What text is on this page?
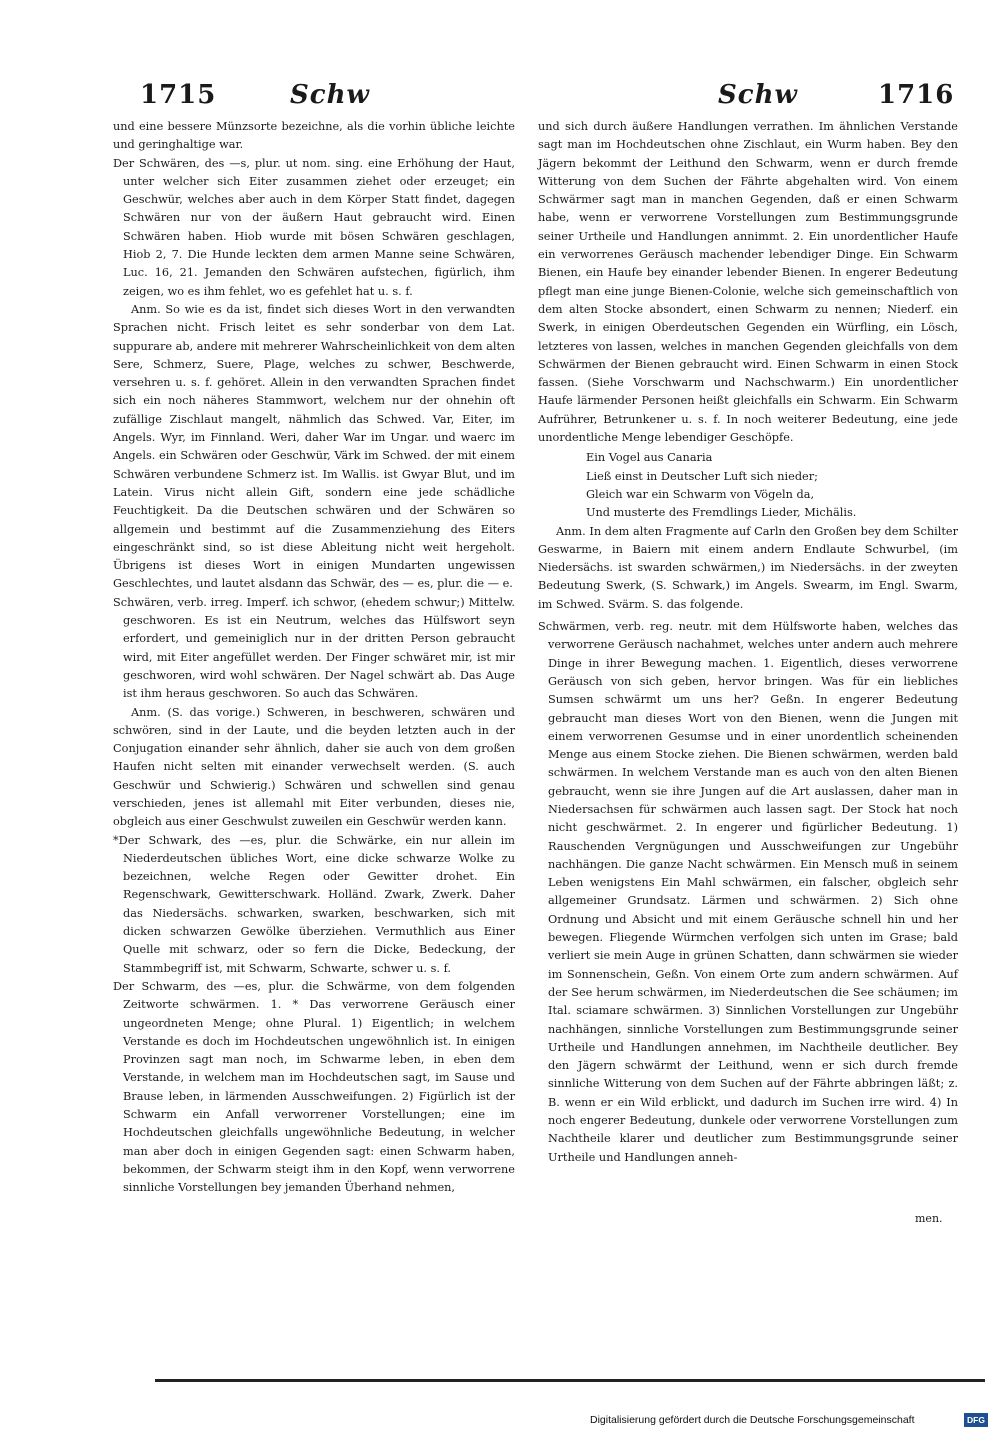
1715	Schw	Schw	1716

und eine bessere Münzsorte bezeichne, als die vorhin übliche leichte und geringhaltige war.

Der Schwären, des —s, plur. ut nom. sing. eine Erhöhung der Haut, unter welcher sich Eiter zusammen ziehet oder erzeuget; ein Geschwür, welches aber auch in dem Körper Statt findet, dagegen Schwären nur von der äußern Haut gebraucht wird. Einen Schwären haben. Hiob wurde mit bösen Schwären geschlagen, Hiob 2, 7. Die Hunde leckten dem armen Manne seine Schwären, Luc. 16, 21. Jemanden den Schwären aufstechen, figürlich, ihm zeigen, wo es ihm fehlet, wo es gefehlet hat u. s. f.

Anm. So wie es da ist, findet sich dieses Wort in den verwandten Sprachen nicht. Frisch leitet es sehr sonderbar von dem Lat. suppurare ab, andere mit mehrerer Wahrscheinlichkeit von dem alten Sere, Schmerz, Suere, Plage, welches zu schwer, Beschwerde, versehren u. s. f. gehöret. Allein in den verwandten Sprachen findet sich ein noch näheres Stammwort, welchem nur der ohnehin oft zufällige Zischlaut mangelt, nähmlich das Schwed. Var, Eiter, im Angels. Wyr, im Finnland. Weri, daher War im Ungar. und waerc im Angels. ein Schwären oder Geschwür, Värk im Schwed. der mit einem Schwären verbundene Schmerz ist. Im Wallis. ist Gwyar Blut, und im Latein. Virus nicht allein Gift, sondern eine jede schädliche Feuchtigkeit. Da die Deutschen schwären und der Schwären so allgemein und bestimmt auf die Zusammenziehung des Eiters eingeschränkt sind, so ist diese Ableitung nicht weit hergeholt. Übrigens ist dieses Wort in einigen Mundarten ungewissen Geschlechtes, und lautet alsdann das Schwär, des — es, plur. die — e.

Schwären, verb. irreg. Imperf. ich schwor, (ehedem schwur;) Mittelw. geschworen. Es ist ein Neutrum, welches das Hülfswort seyn erfordert, und gemeiniglich nur in der dritten Person gebraucht wird, mit Eiter angefüllet werden. Der Finger schwäret mir, ist mir geschworen, wird wohl schwären. Der Nagel schwärt ab. Das Auge ist ihm heraus geschworen. So auch das Schwären.

Anm. (S. das vorige.) Schweren, in beschweren, schwären und schwören, sind in der Laute, und die beyden letzten auch in der Conjugation einander sehr ähnlich, daher sie auch von dem großen Haufen nicht selten mit einander verwechselt werden. (S. auch Geschwür und Schwierig.) Schwären und schwellen sind genau verschieden, jenes ist allemahl mit Eiter verbunden, dieses nie, obgleich aus einer Geschwulst zuweilen ein Geschwür werden kann.

*Der Schwark, des —es, plur. die Schwärke, ein nur allein im Niederdeutschen übliches Wort, eine dicke schwarze Wolke zu bezeichnen, welche Regen oder Gewitter drohet. Ein Regenschwark, Gewitterschwark. Holländ. Zwark, Zwerk. Daher das Niedersächs. schwarken, swarken, beschwarken, sich mit dicken schwarzen Gewölke überziehen. Vermuthlich aus Einer Quelle mit schwarz, oder so fern die Dicke, Bedeckung, der Stammbegriff ist, mit Schwarm, Schwarte, schwer u. s. f.

Der Schwarm, des —es, plur. die Schwärme, von dem folgenden Zeitworte schwärmen. 1. * Das verworrene Geräusch einer ungeordneten Menge; ohne Plural. 1) Eigentlich; in welchem Verstande es doch im Hochdeutschen ungewöhnlich ist. In einigen Provinzen sagt man noch, im Schwarme leben, in eben dem Verstande, in welchem man im Hochdeutschen sagt, im Sause und Brause leben, in lärmenden Ausschweifungen. 2) Figürlich ist der Schwarm ein Anfall verworrener Vorstellungen; eine im Hochdeutschen gleichfalls ungewöhnliche Bedeutung, in welcher man aber doch in einigen Gegenden sagt: einen Schwarm haben, bekommen, der Schwarm steigt ihm in den Kopf, wenn verworrene sinnliche Vorstellungen bey jemanden Überhand nehmen,

und sich durch äußere Handlungen verrathen. Im ähnlichen Verstande sagt man im Hochdeutschen ohne Zischlaut, ein Wurm haben. Bey den Jägern bekommt der Leithund den Schwarm, wenn er durch fremde Witterung von dem Suchen der Fährte abgehalten wird. Von einem Schwärmer sagt man in manchen Gegenden, daß er einen Schwarm habe, wenn er verworrene Vorstellungen zum Bestimmungsgrunde seiner Urtheile und Handlungen annimmt. 2. Ein unordentlicher Haufe ein verworrenes Geräusch machender lebendiger Dinge. Ein Schwarm Bienen, ein Haufe bey einander lebender Bienen. In engerer Bedeutung pflegt man eine junge Bienen-Colonie, welche sich gemeinschaftlich von dem alten Stocke absondert, einen Schwarm zu nennen; Niederf. ein Swerk, in einigen Oberdeutschen Gegenden ein Würfling, ein Lösch, letzteres von lassen, welches in manchen Gegenden gleichfalls von dem Schwärmen der Bienen gebraucht wird. Einen Schwarm in einen Stock fassen. (Siehe Vorschwarm und Nachschwarm.) Ein unordentlicher Haufe lärmender Personen heißt gleichfalls ein Schwarm. Ein Schwarm Aufrührer, Betrunkener u. s. f. In noch weiterer Bedeutung, eine jede unordentliche Menge lebendiger Geschöpfe.

Ein Vogel aus Canaria

Ließ einst in Deutscher Luft sich nieder;

Gleich war ein Schwarm von Vögeln da,

Und musterte des Fremdlings Lieder, Michälis.

Anm. In dem alten Fragmente auf Carln den Großen bey dem Schilter Geswarme, in Baiern mit einem andern Endlaute Schwurbel, (im Niedersächs. ist swarden schwärmen,) im Niedersächs. in der zweyten Bedeutung Swerk, (S. Schwark,) im Angels. Swearm, im Engl. Swarm, im Schwed. Svärm. S. das folgende.

Schwärmen, verb. reg. neutr. mit dem Hülfsworte haben, welches das verworrene Geräusch nachahmet, welches unter andern auch mehrere Dinge in ihrer Bewegung machen. 1. Eigentlich, dieses verworrene Geräusch von sich geben, hervor bringen. Was für ein liebliches Sumsen schwärmt um uns her? Geßn. In engerer Bedeutung gebraucht man dieses Wort von den Bienen, wenn die Jungen mit einem verworrenen Gesumse und in einer unordentlich scheinenden Menge aus einem Stocke ziehen. Die Bienen schwärmen, werden bald schwärmen. In welchem Verstande man es auch von den alten Bienen gebraucht, wenn sie ihre Jungen auf die Art auslassen, daher man in Niedersachsen für schwärmen auch lassen sagt. Der Stock hat noch nicht geschwärmet. 2. In engerer und figürlicher Bedeutung. 1) Rauschenden Vergnügungen und Ausschweifungen zur Ungebühr nachhängen. Die ganze Nacht schwärmen. Ein Mensch muß in seinem Leben wenigstens Ein Mahl schwärmen, ein falscher, obgleich sehr allgemeiner Grundsatz. Lärmen und schwärmen. 2) Sich ohne Ordnung und Absicht und mit einem Geräusche schnell hin und her bewegen. Fliegende Würmchen verfolgen sich unten im Grase; bald verliert sie mein Auge in grünen Schatten, dann schwärmen sie wieder im Sonnenschein, Geßn. Von einem Orte zum andern schwärmen. Auf der See herum schwärmen, im Niederdeutschen die See schäumen; im Ital. sciamare schwärmen. 3) Sinnlichen Vorstellungen zur Ungebühr nachhängen, sinnliche Vorstellungen zum Bestimmungsgrunde seiner Urtheile und Handlungen annehmen, im Nachtheile deutlicher. Bey den Jägern schwärmt der Leithund, wenn er sich durch fremde sinnliche Witterung von dem Suchen auf der Fährte abbringen läßt; z. B. wenn er ein Wild erblickt, und dadurch im Suchen irre wird. 4) In noch engerer Bedeutung, dunkele oder verworrene Vorstellungen zum Nachtheile klarer und deutlicher zum Bestimmungsgrunde seiner Urtheile und Handlungen anneh-

men.
Digitalisierung gefördert durch die Deutsche Forschungsgemeinschaft	DFG
